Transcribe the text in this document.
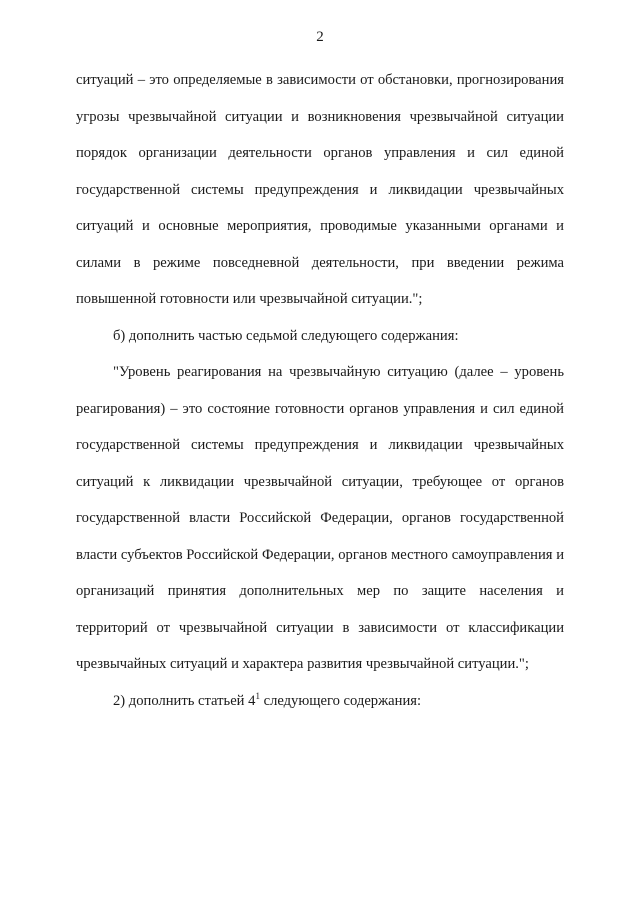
2

ситуаций – это определяемые в зависимости от обстановки, прогнозирования угрозы чрезвычайной ситуации и возникновения чрезвычайной ситуации порядок организации деятельности органов управления и сил единой государственной системы предупреждения и ликвидации чрезвычайных ситуаций и основные мероприятия, проводимые указанными органами и силами в режиме повседневной деятельности, при введении режима повышенной готовности или чрезвычайной ситуации.";

б) дополнить частью седьмой следующего содержания:

"Уровень реагирования на чрезвычайную ситуацию (далее – уровень реагирования) – это состояние готовности органов управления и сил единой государственной системы предупреждения и ликвидации чрезвычайных ситуаций к ликвидации чрезвычайной ситуации, требующее от органов государственной власти Российской Федерации, органов государственной власти субъектов Российской Федерации, органов местного самоуправления и организаций принятия дополнительных мер по защите населения и территорий от чрезвычайной ситуации в зависимости от классификации чрезвычайных ситуаций и характера развития чрезвычайной ситуации.";

2) дополнить статьей $4^1$ следующего содержания:
